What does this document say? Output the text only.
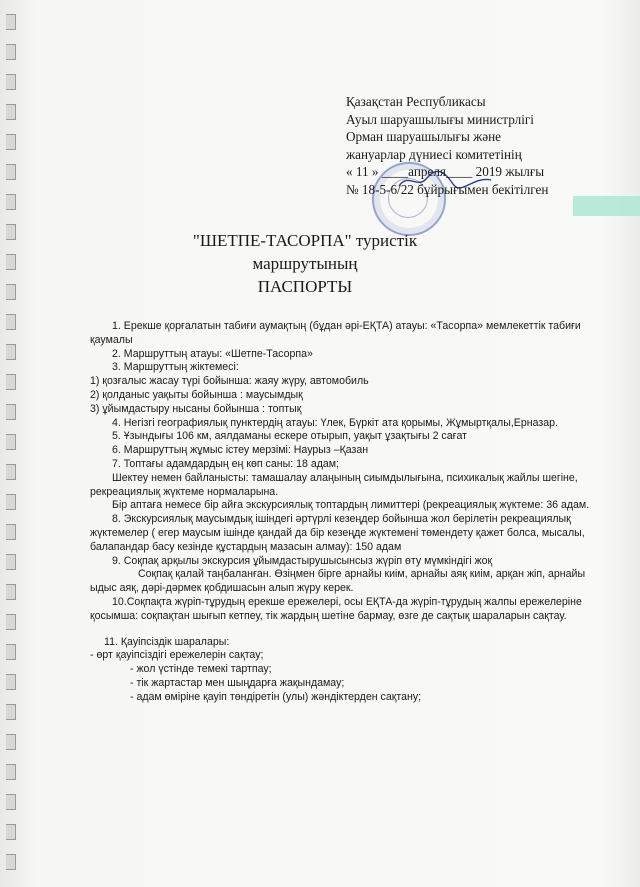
Қазақстан Республикасы
Ауыл шаруашылығы министрлігі
Орман шаруашылығы және
жануарлар дүниесі комитетінің
« 11 » ____апреля____ 2019 жылғы
№ 18-5-6/22 бұйрығымен бекітілген
"ШЕТПЕ-ТАСОРПА" туристік маршрутының
ПАСПОРТЫ

1. Ерекше қорғалатын табиғи аумақтың (бұдан әрі-ЕҚТА) атауы: «Тасорпа» мемлекеттік табиғи қаумалы

2. Маршруттың атауы: «Шетпе-Тасорпа»

3. Маршруттың жіктемесі:

1) қозғалыс жасау түрі бойынша: жаяу жүру, автомобиль

2) қолданыс уақыты бойынша : маусымдық

3) ұйымдастыру нысаны бойынша : топтық

4. Негізгі географиялық пунктердің атауы: Үлек, Бүркіт ата қорымы, Жұмыртқалы,Ерназар.

5. Ұзындығы 106 км, аялдаманы ескере отырып, уақыт ұзақтығы 2 сағат

6. Маршруттың жұмыс істеу мерзімі: Наурыз –Қазан

7. Топтағы адамдардың ең көп саны: 18 адам;

Шектеу немен байланысты: тамашалау алаңының сиымдылығына, психикалық жайлы шегіне, рекреациялық жүктеме нормаларына.

Бір аптаға немесе бір айға экскурсиялық топтардың лимиттері (рекреациялық жүктеме: 36 адам.

8. Экскурсиялық маусымдық ішіндегі әртүрлі кезеңдер бойынша жол берілетін рекреациялық жүктемелер ( егер маусым ішінде қандай да бір кезеңде жүктемені төмендету қажет болса, мысалы, балапандар басу кезінде құстардың мазасын алмау): 150 адам

9. Соқпақ арқылы экскурсия ұйымдастырушысынсыз жүріп өту мүмкіндігі жоқ

Соқпақ қалай таңбаланған. Өзіңмен бірге арнайы киім, арнайы аяқ киім, арқан жіп, арнайы ыдыс аяқ, дәрі-дәрмек қобдишасын алып жүру керек.

10.Соқпақта жүріп-тұрудың ерекше ережелері, осы ЕҚТА-да жүріп-тұрудың жалпы ережелеріне қосымша: соқпақтан шығып кетпеу, тік жардың шетіне бармау, өзге де сақтық шараларын сақтау.

11. Қауіпсіздік шаралары:

- өрт қауіпсіздігі ережелерін сақтау;

- жол үстінде темекі тартпау;

- тік жартастар мен шыңдарға жақындамау;

- адам өміріне қауіп төндіретін (улы) жәндіктерден сақтану;
